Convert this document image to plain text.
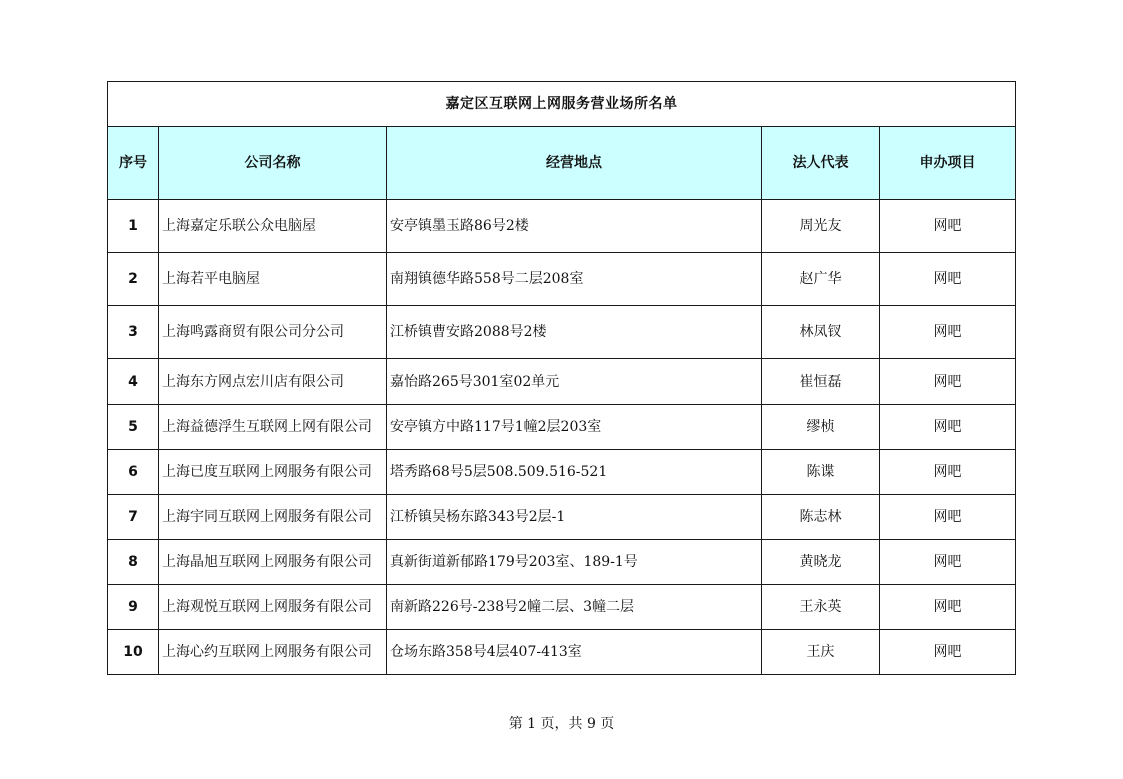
嘉定区互联网上网服务营业场所名单				
序号	公司名称	经营地点	法人代表	申办项目
1	上海嘉定乐联公众电脑屋	安亭镇墨玉路86号2楼	周光友	网吧
2	上海若平电脑屋	南翔镇德华路558号二层208室	赵广华	网吧
3	上海鸣露商贸有限公司分公司	江桥镇曹安路2088号2楼	林凤钗	网吧
4	上海东方网点宏川店有限公司	嘉怡路265号301室02单元	崔恒磊	网吧
5	上海益德浮生互联网上网有限公司	安亭镇方中路117号1幢2层203室	缪桢	网吧
6	上海已度互联网上网服务有限公司	塔秀路68号5层508.509.516-521	陈谍	网吧
7	上海宇同互联网上网服务有限公司	江桥镇吴杨东路343号2层-1	陈志林	网吧
8	上海晶旭互联网上网服务有限公司	真新街道新郁路179号203室、189-1号	黄晓龙	网吧
9	上海观悦互联网上网服务有限公司	南新路226号-238号2幢二层、3幢二层	王永英	网吧
10	上海心约互联网上网服务有限公司	仓场东路358号4层407-413室	王庆	网吧
第 1 页，共 9 页
